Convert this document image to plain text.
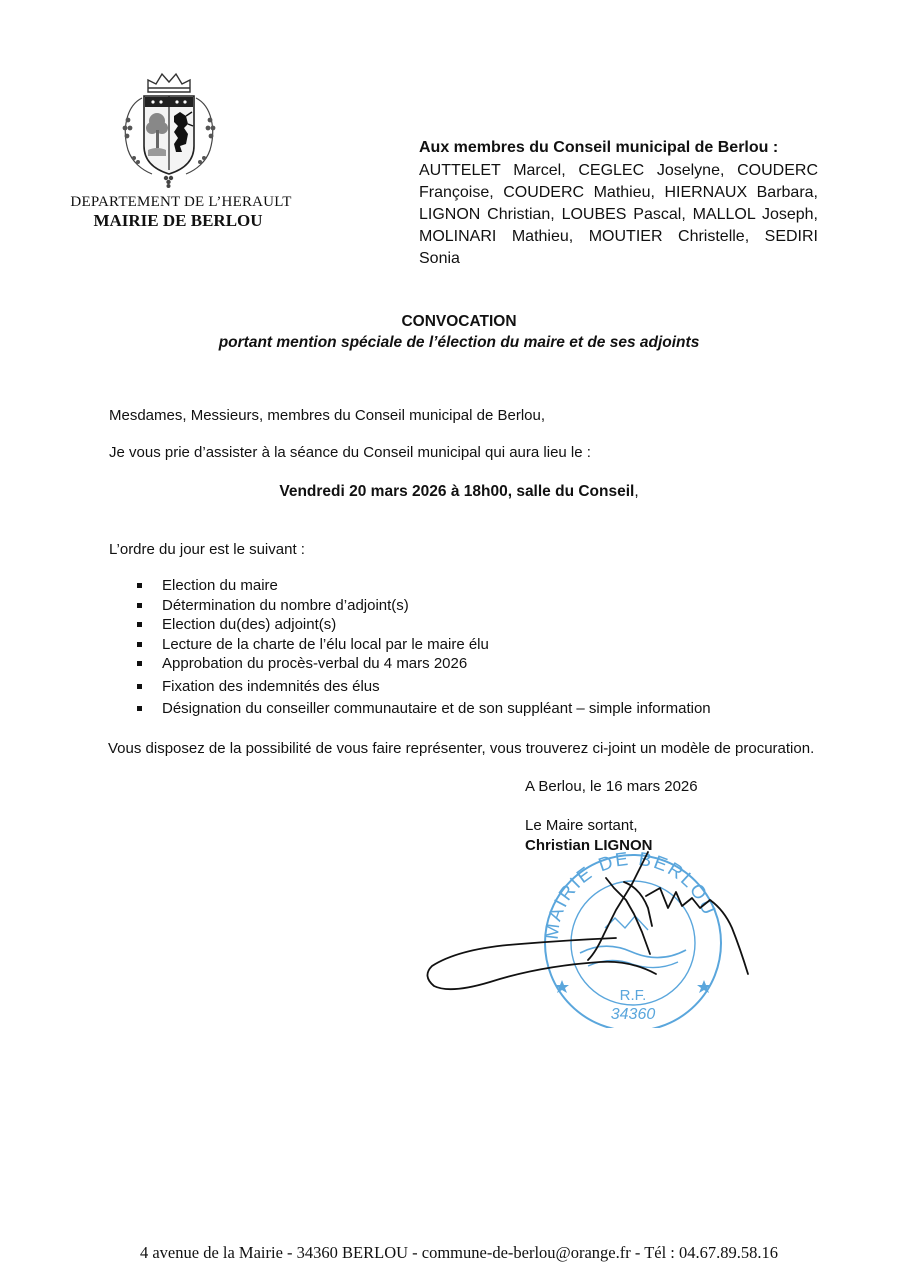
DEPARTEMENT DE L’HERAULT
MAIRIE DE BERLOU
Aux membres du Conseil municipal de Berlou :
AUTTELET Marcel, CEGLEC Joselyne, COUDERC Françoise, COUDERC Mathieu, HIERNAUX Barbara, LIGNON Christian, LOUBES Pascal, MALLOL Joseph, MOLINARI Mathieu, MOUTIER Christelle, SEDIRI Sonia
CONVOCATION
portant mention spéciale de l’élection du maire et de ses adjoints
Mesdames, Messieurs, membres du Conseil municipal de Berlou,
Je vous prie d’assister à la séance du Conseil municipal qui aura lieu le :
Vendredi 20 mars 2026 à 18h00, salle du Conseil,
L’ordre du jour est le suivant :
Election du maire
Détermination du nombre d’adjoint(s)
Election du(des) adjoint(s)
Lecture de la charte de l’élu local par le maire élu
Approbation du procès-verbal du 4 mars 2026
Fixation des indemnités des élus
Désignation du conseiller communautaire et de son suppléant – simple information
Vous disposez de la possibilité de vous faire représenter, vous trouverez ci-joint un modèle de procuration.
A Berlou, le 16 mars 2026
Le Maire sortant,
Christian LIGNON
MAIRIE DE BERLOU
R.F.
34360
4 avenue de la Mairie - 34360 BERLOU - commune-de-berlou@orange.fr - Tél : 04.67.89.58.16
